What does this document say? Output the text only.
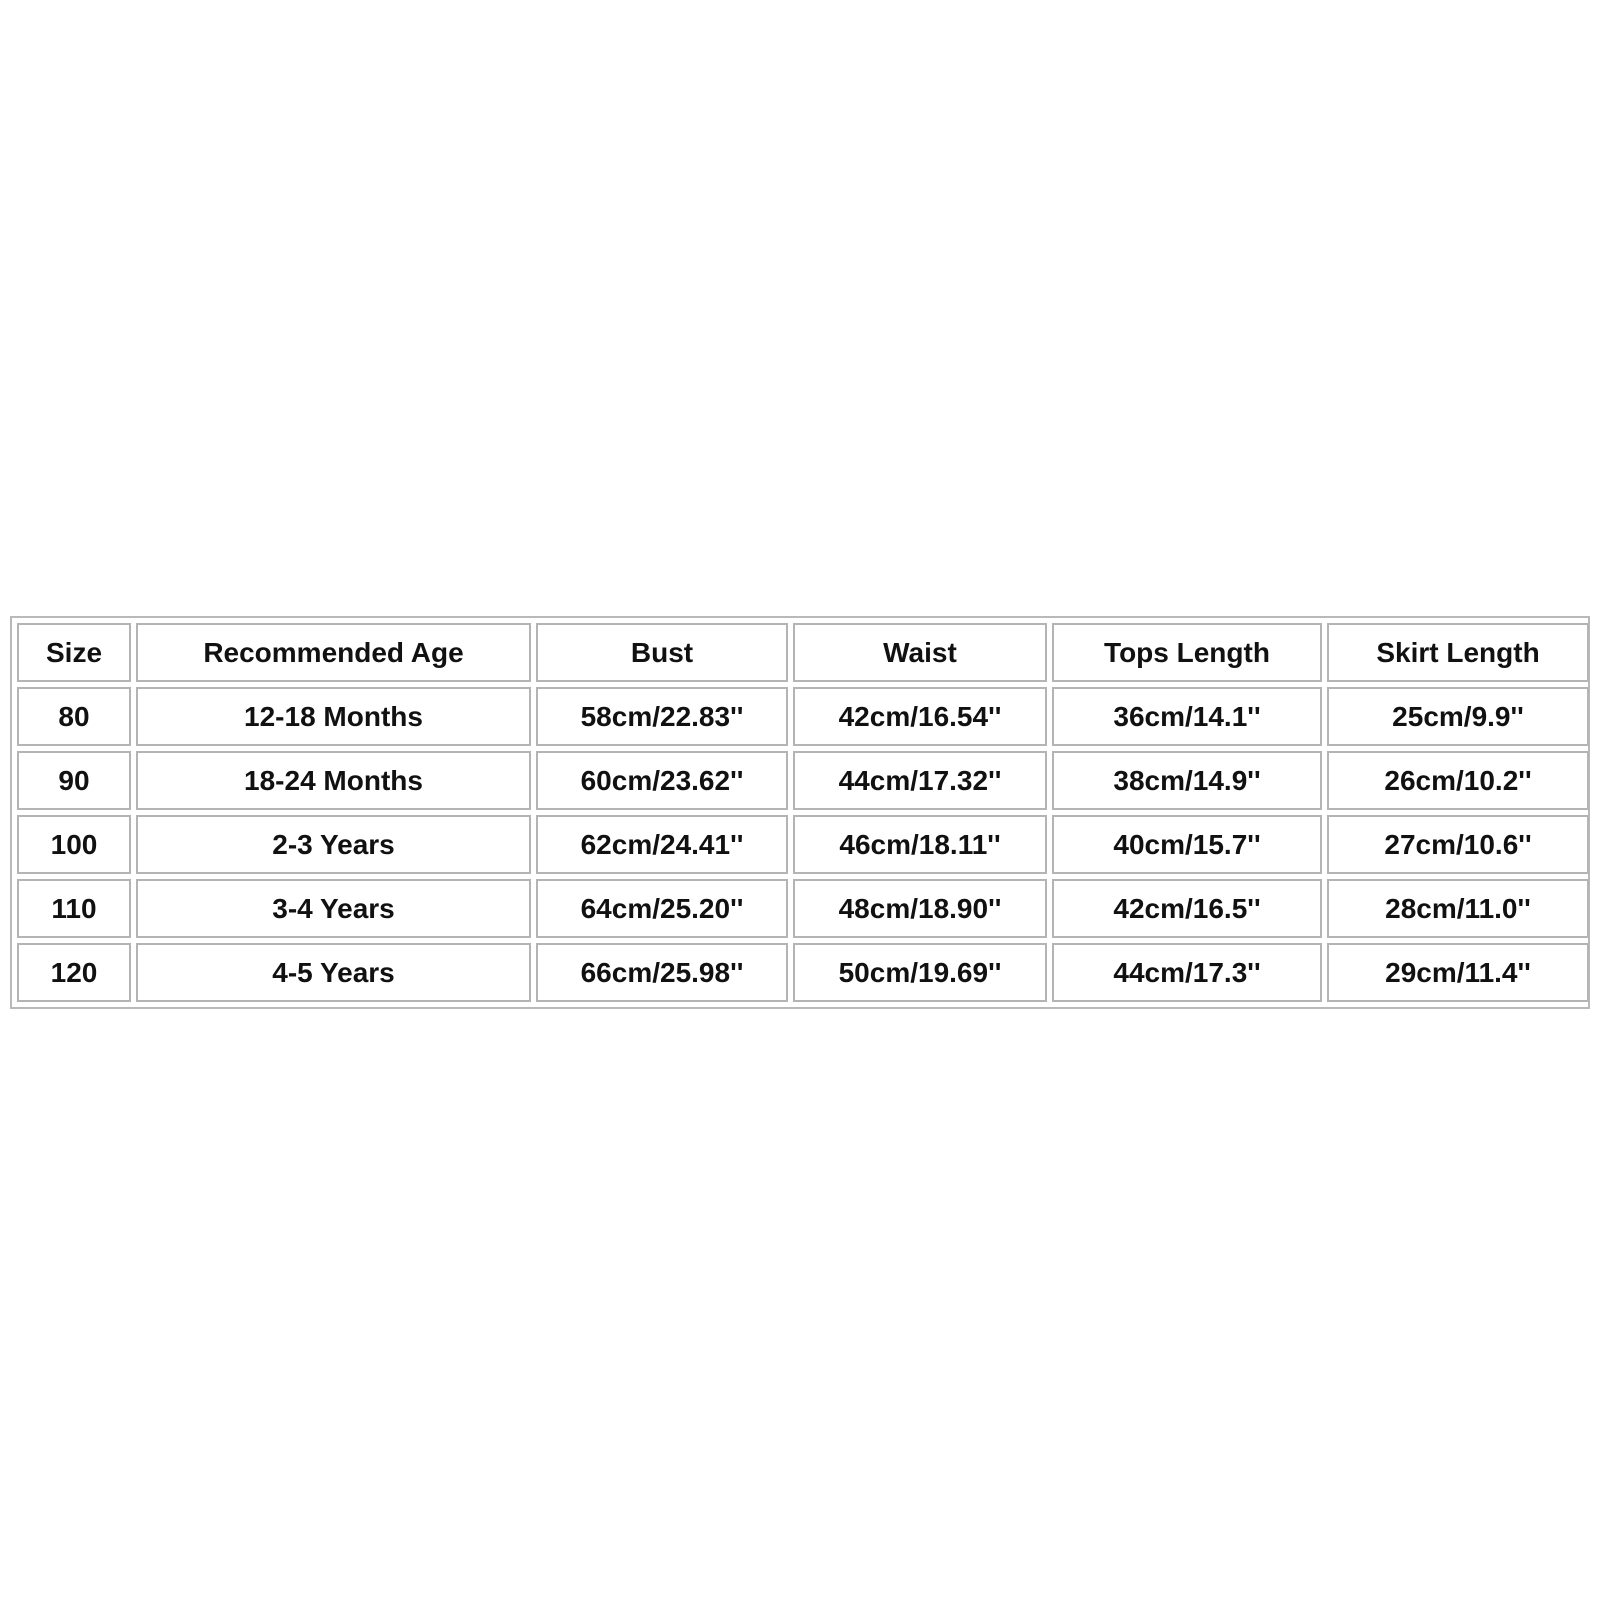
Size	Recommended Age	Bust	Waist	Tops Length	Skirt Length
80	12-18 Months	58cm/22.83''	42cm/16.54''	36cm/14.1''	25cm/9.9''
90	18-24 Months	60cm/23.62''	44cm/17.32''	38cm/14.9''	26cm/10.2''
100	2-3 Years	62cm/24.41''	46cm/18.11''	40cm/15.7''	27cm/10.6''
110	3-4 Years	64cm/25.20''	48cm/18.90''	42cm/16.5''	28cm/11.0''
120	4-5 Years	66cm/25.98''	50cm/19.69''	44cm/17.3''	29cm/11.4''
